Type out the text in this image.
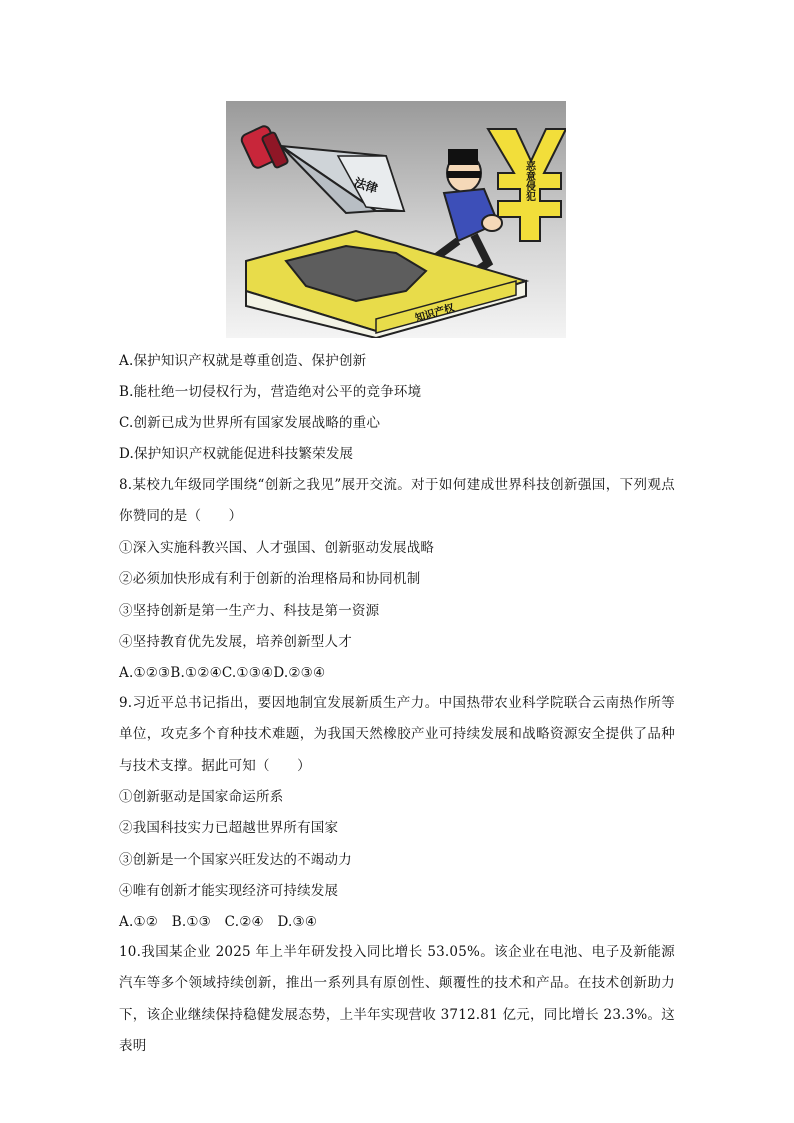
法律	恶意侵犯
知识产权
A.保护知识产权就是尊重创造、保护创新
B.能杜绝一切侵权行为，营造绝对公平的竞争环境
C.创新已成为世界所有国家发展战略的重心
D.保护知识产权就能促进科技繁荣发展
8.某校九年级同学围绕“创新之我见”展开交流。对于如何建成世界科技创新强国，下列观点你赞同的是（　　）
①深入实施科教兴国、人才强国、创新驱动发展战略
②必须加快形成有利于创新的治理格局和协同机制
③坚持创新是第一生产力、科技是第一资源
④坚持教育优先发展，培养创新型人才
A.①②③B.①②④C.①③④D.②③④
9.习近平总书记指出，要因地制宜发展新质生产力。中国热带农业科学院联合云南热作所等单位，攻克多个育种技术难题，为我国天然橡胶产业可持续发展和战略资源安全提供了品种与技术支撑。据此可知（　　）
①创新驱动是国家命运所系
②我国科技实力已超越世界所有国家
③创新是一个国家兴旺发达的不竭动力
④唯有创新才能实现经济可持续发展
A.①②　B.①③　C.②④　D.③④
10.我国某企业 2025 年上半年研发投入同比增长 53.05%。该企业在电池、电子及新能源汽车等多个领域持续创新，推出一系列具有原创性、颠覆性的技术和产品。在技术创新助力下，该企业继续保持稳健发展态势，上半年实现营收 3712.81 亿元，同比增长 23.3%。这表明
